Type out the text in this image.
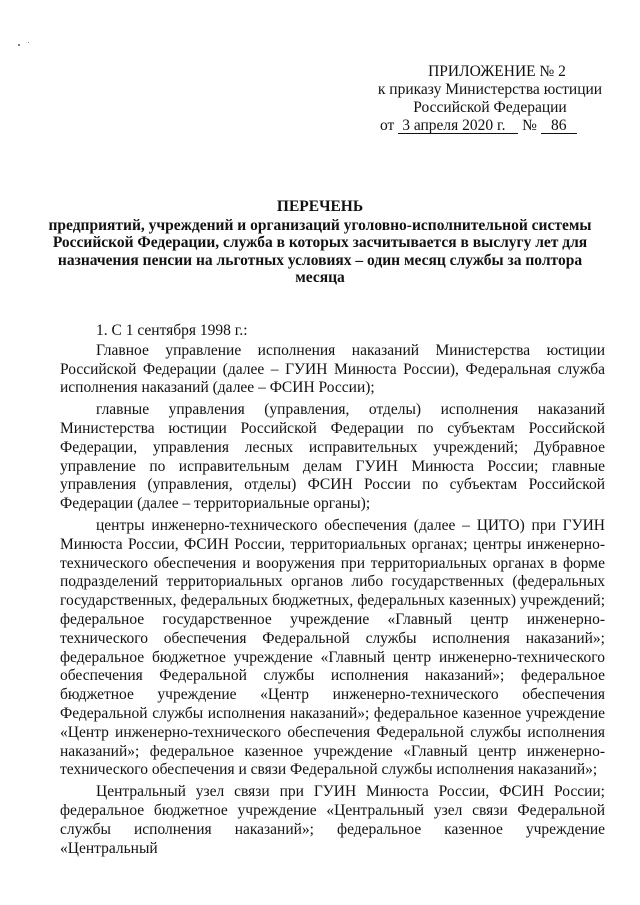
ПРИЛОЖЕНИЕ № 2
к приказу Министерства юстиции
Российской Федерации
от 3 апреля 2020 г. № 86
ПЕРЕЧЕНЬ
предприятий, учреждений и организаций уголовно-исполнительной системы Российской Федерации, служба в которых засчитывается в выслугу лет для назначения пенсии на льготных условиях – один месяц службы за полтора месяца
1. С 1 сентября 1998 г.:

Главное управление исполнения наказаний Министерства юстиции Российской Федерации (далее – ГУИН Минюста России), Федеральная служба исполнения наказаний (далее – ФСИН России);

главные управления (управления, отделы) исполнения наказаний Министерства юстиции Российской Федерации по субъектам Российской Федерации, управления лесных исправительных учреждений; Дубравное управление по исправительным делам ГУИН Минюста России; главные управления (управления, отделы) ФСИН России по субъектам Российской Федерации (далее – территориальные органы);

центры инженерно-технического обеспечения (далее – ЦИТО) при ГУИН Минюста России, ФСИН России, территориальных органах; центры инженерно-технического обеспечения и вооружения при территориальных органах в форме подразделений территориальных органов либо государственных (федеральных государственных, федеральных бюджетных, федеральных казенных) учреждений; федеральное государственное учреждение «Главный центр инженерно-технического обеспечения Федеральной службы исполнения наказаний»; федеральное бюджетное учреждение «Главный центр инженерно-технического обеспечения Федеральной службы исполнения наказаний»; федеральное бюджетное учреждение «Центр инженерно-технического обеспечения Федеральной службы исполнения наказаний»; федеральное казенное учреждение «Центр инженерно-технического обеспечения Федеральной службы исполнения наказаний»; федеральное казенное учреждение «Главный центр инженерно-технического обеспечения и связи Федеральной службы исполнения наказаний»;

Центральный узел связи при ГУИН Минюста России, ФСИН России; федеральное бюджетное учреждение «Центральный узел связи Федеральной службы исполнения наказаний»; федеральное казенное учреждение «Центральный
